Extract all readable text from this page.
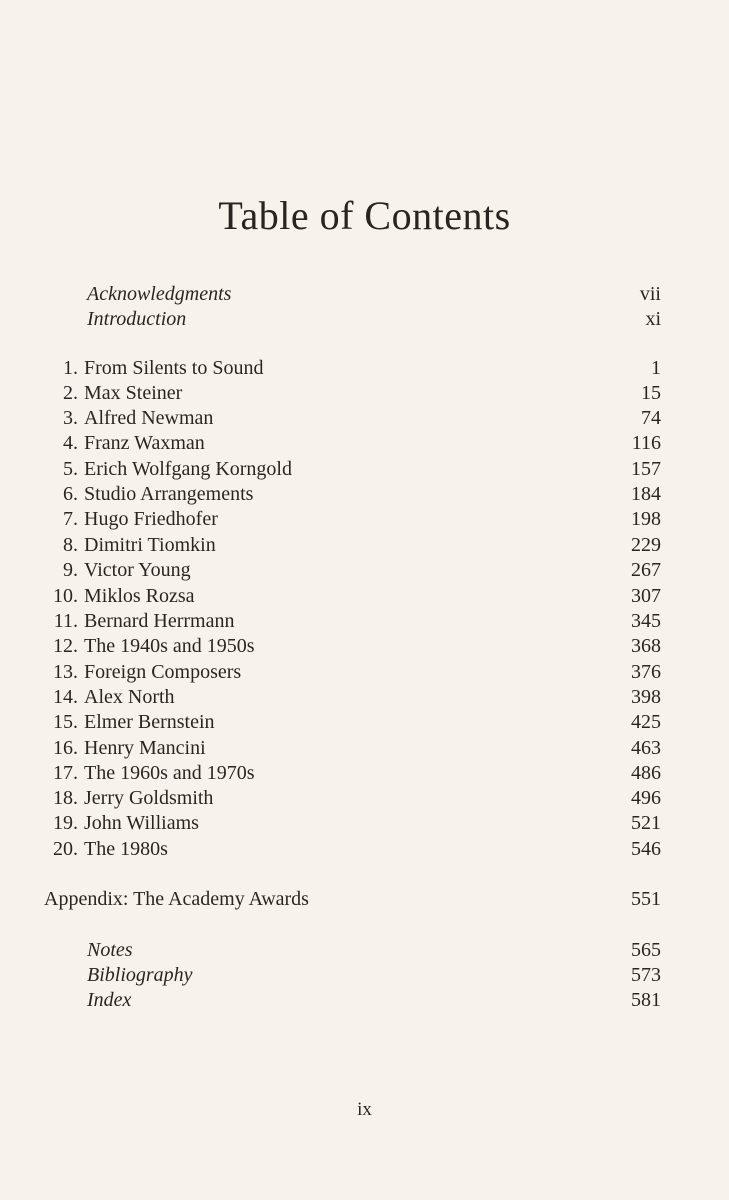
Table of Contents
Acknowledgments	vii
Introduction	xi
1. From Silents to Sound	1
2. Max Steiner	15
3. Alfred Newman	74
4. Franz Waxman	116
5. Erich Wolfgang Korngold	157
6. Studio Arrangements	184
7. Hugo Friedhofer	198
8. Dimitri Tiomkin	229
9. Victor Young	267
10. Miklos Rozsa	307
11. Bernard Herrmann	345
12. The 1940s and 1950s	368
13. Foreign Composers	376
14. Alex North	398
15. Elmer Bernstein	425
16. Henry Mancini	463
17. The 1960s and 1970s	486
18. Jerry Goldsmith	496
19. John Williams	521
20. The 1980s	546
Appendix: The Academy Awards	551
Notes	565
Bibliography	573
Index	581
ix
